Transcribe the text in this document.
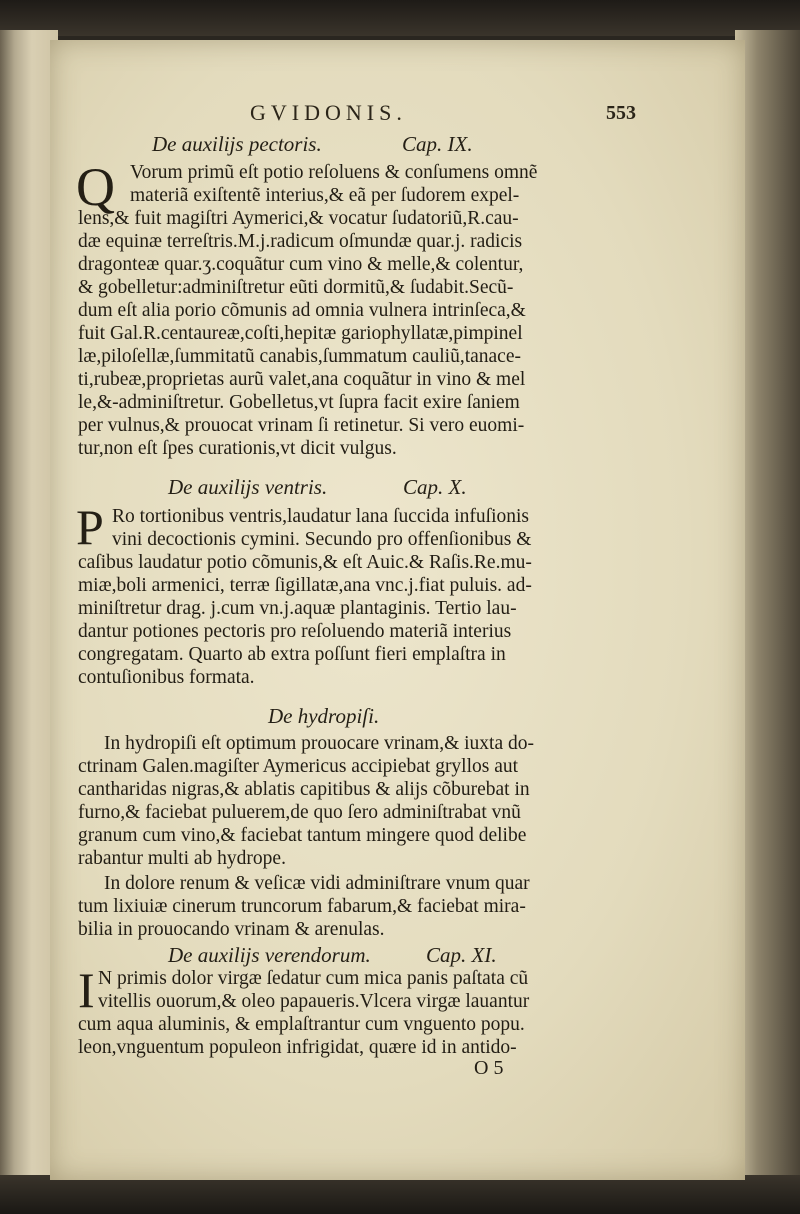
GVIDONIS.	553
De auxilijs pectoris.	Cap. IX.
Q Vorum primũ eſt potio reſoluens & conſumens omnẽ
materiã exiſtentẽ interius,& eã per ſudorem expel-
lens,& fuit magiſtri Aymerici,& vocatur ſudatoriũ,R.cau-
dæ equinæ terreſtris.M.j.radicum oſmundæ quar.j. radicis
dragonteæ quar.ʒ.coquãtur cum vino & melle,& colentur,
& gobelletur:adminiſtretur eũti dormitũ,& ſudabit.Secũ-
dum eſt alia porio cõmunis ad omnia vulnera intrinſeca,&
fuit Gal.R.centaureæ,coſti,hepitæ gariophyllatæ,pimpinel
læ,piloſellæ,ſummitatũ canabis,ſummatum cauliũ,tanace-
ti,rubeæ,proprietas aurũ valet,ana coquãtur in vino & mel
le,&-adminiſtretur. Gobelletus,vt ſupra facit exire ſaniem
per vulnus,& prouocat vrinam ſi retinetur. Si vero euomi-
tur,non eſt ſpes curationis,vt dicit vulgus.
De auxilijs ventris.	Cap. X.
P Ro tortionibus ventris,laudatur lana ſuccida infuſionis
vini decoctionis cymini. Secundo pro offenſionibus &
caſibus laudatur potio cõmunis,& eſt Auic.& Raſis.Re.mu-
miæ,boli armenici, terræ ſigillatæ,ana vnc.j.fiat puluis. ad-
miniſtretur drag. j.cum vn.j.aquæ plantaginis. Tertio lau-
dantur potiones pectoris pro reſoluendo materiã interius
congregatam. Quarto ab extra poſſunt fieri emplaſtra in
contuſionibus formata.
De hydropiſi.
In hydropiſi eſt optimum prouocare vrinam,& iuxta do-
ctrinam Galen.magiſter Aymericus accipiebat gryllos aut
cantharidas nigras,& ablatis capitibus & alijs cõburebat in
furno,& faciebat puluerem,de quo ſero adminiſtrabat vnũ
granum cum vino,& faciebat tantum mingere quod delibe
rabantur multi ab hydrope.
In dolore renum & veſicæ vidi adminiſtrare vnum quar
tum lixiuiæ cinerum truncorum fabarum,& faciebat mira-
bilia in prouocando vrinam & arenulas.
De auxilijs verendorum.	Cap. XI.
I N primis dolor virgæ ſedatur cum mica panis paſtata cũ
vitellis ouorum,& oleo papaueris.Vlcera virgæ lauantur
cum aqua aluminis, & emplaſtrantur cum vnguento popu.
leon,vnguentum populeon infrigidat, quære id in antido-
O 5
